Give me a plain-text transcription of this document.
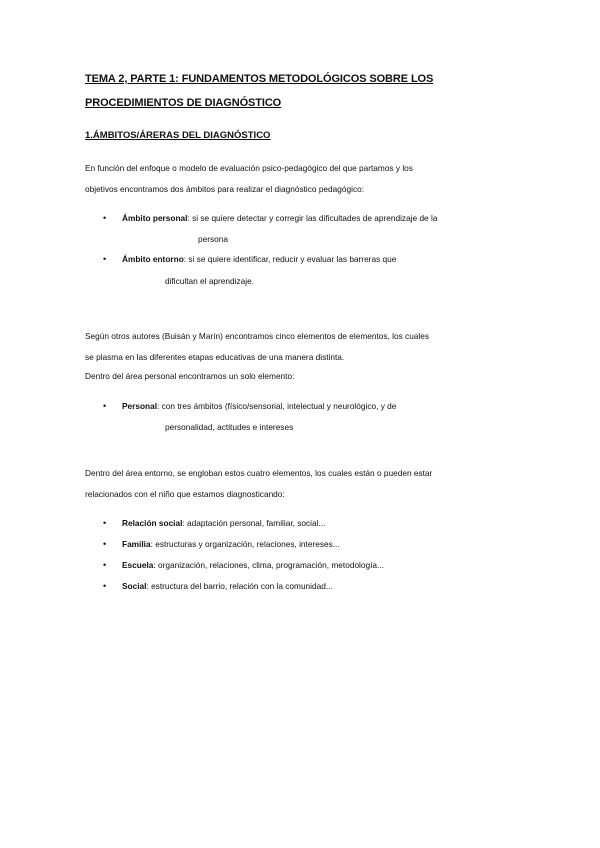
TEMA 2, PARTE 1: FUNDAMENTOS METODOLÓGICOS SOBRE LOS
PROCEDIMIENTOS DE DIAGNÓSTICO
1.ÁMBITOS/ÁRERAS DEL DIAGNÓSTICO
En función del enfoque o modelo de evaluación psico-pedagógico del que partamos y los
objetivos encontramos dos ámbitos para realizar el diagnóstico pedagógico:
• Ámbito personal: si se quiere detectar y corregir las dificultades de aprendizaje de la
persona
• Ámbito entorno: si se quiere identificar, reducir y evaluar las barreras que
dificultan el aprendizaje.
Según otros autores (Buisán y Marín) encontramos cinco elementos de elementos, los cuales
se plasma en las diferentes etapas educativas de una manera distinta.
Dentro del área personal encontramos un solo elemento:
• Personal: con tres ámbitos (físico/sensorial, intelectual y neurológico, y de
personalidad, actitudes e intereses
Dentro del área entorno, se engloban estos cuatro elementos, los cuales están o pueden estar
relacionados con el niño que estamos diagnosticando:
• Relación social: adaptación personal, familiar, social...
• Familia: estructuras y organización, relaciones, intereses...
• Escuela: organización, relaciones, clima, programación, metodología...
• Social: estructura del barrio, relación con la comunidad...
